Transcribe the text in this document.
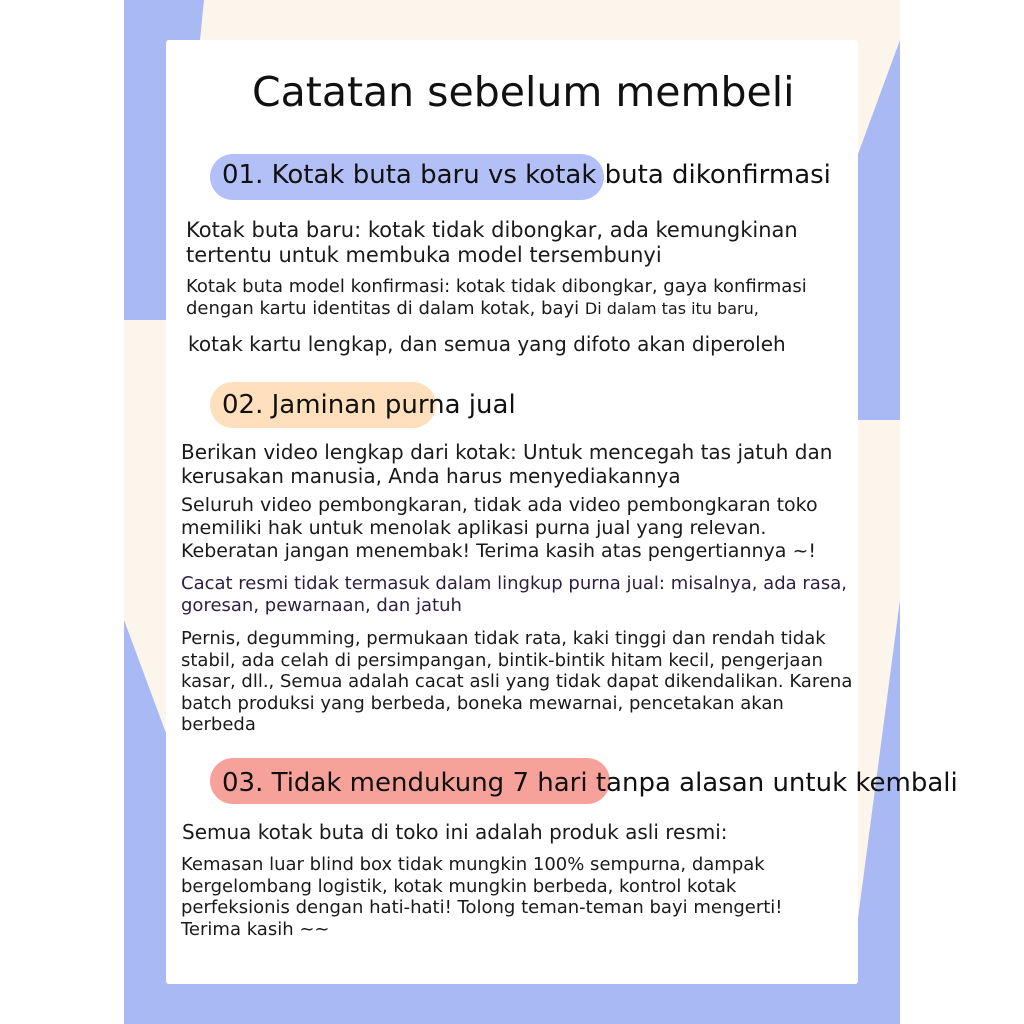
Catatan sebelum membeli
01. Kotak buta baru vs kotak buta dikonfirmasi

Kotak buta baru: kotak tidak dibongkar, ada kemungkinan tertentu untuk membuka model tersembunyi

Kotak buta model konfirmasi: kotak tidak dibongkar, gaya konfirmasi dengan kartu identitas di dalam kotak, bayi Di dalam tas itu baru,

kotak kartu lengkap, dan semua yang difoto akan diperoleh

02. Jaminan purna jual

Berikan video lengkap dari kotak: Untuk mencegah tas jatuh dan kerusakan manusia, Anda harus menyediakannya

Seluruh video pembongkaran, tidak ada video pembongkaran toko memiliki hak untuk menolak aplikasi purna jual yang relevan. Keberatan jangan menembak! Terima kasih atas pengertiannya ~!

Cacat resmi tidak termasuk dalam lingkup purna jual: misalnya, ada rasa, goresan, pewarnaan, dan jatuh

Pernis, degumming, permukaan tidak rata, kaki tinggi dan rendah tidak stabil, ada celah di persimpangan, bintik-bintik hitam kecil, pengerjaan kasar, dll., Semua adalah cacat asli yang tidak dapat dikendalikan. Karena batch produksi yang berbeda, boneka mewarnai, pencetakan akan berbeda

03. Tidak mendukung 7 hari tanpa alasan untuk kembali

Semua kotak buta di toko ini adalah produk asli resmi:

Kemasan luar blind box tidak mungkin 100% sempurna, dampak bergelombang logistik, kotak mungkin berbeda, kontrol kotak perfeksionis dengan hati-hati! Tolong teman-teman bayi mengerti! Terima kasih ~~
